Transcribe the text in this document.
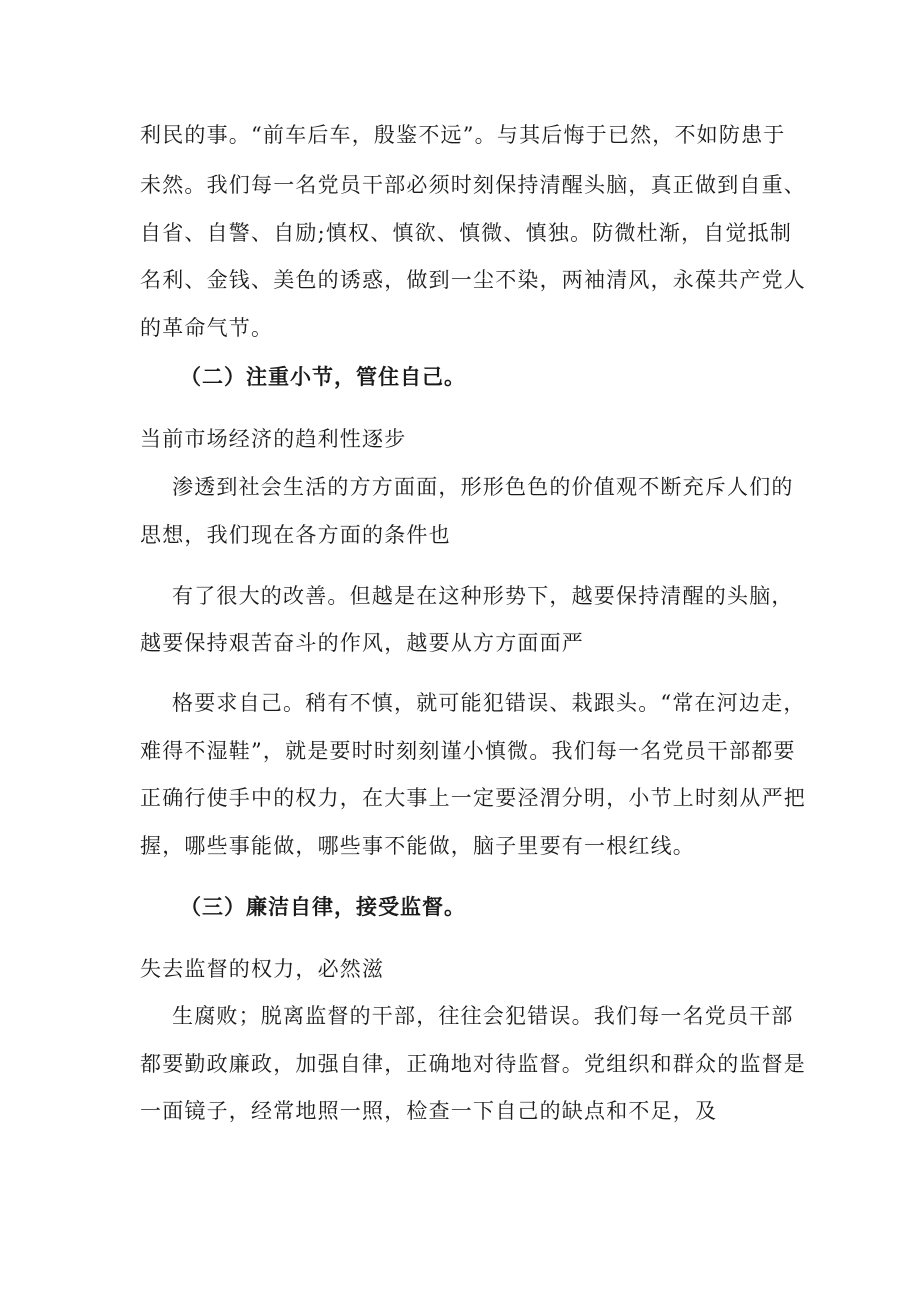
利民的事。“前车后车，殷鉴不远”。与其后悔于已然，不如防患于
未然。我们每一名党员干部必须时刻保持清醒头脑，真正做到自重、
自省、自警、自励;慎权、慎欲、慎微、慎独。防微杜渐，自觉抵制
名利、金钱、美色的诱惑，做到一尘不染，两袖清风，永葆共产党人
的革命气节。
（二）注重小节，管住自己。
当前市场经济的趋利性逐步
渗透到社会生活的方方面面，形形色色的价值观不断充斥人们的
思想，我们现在各方面的条件也
有了很大的改善。但越是在这种形势下，越要保持清醒的头脑，
越要保持艰苦奋斗的作风，越要从方方面面严
格要求自己。稍有不慎，就可能犯错误、栽跟头。“常在河边走，
难得不湿鞋”，就是要时时刻刻谨小慎微。我们每一名党员干部都要
正确行使手中的权力，在大事上一定要泾渭分明，小节上时刻从严把
握，哪些事能做，哪些事不能做，脑子里要有一根红线。
（三）廉洁自律，接受监督。
失去监督的权力，必然滋
生腐败；脱离监督的干部，往往会犯错误。我们每一名党员干部
都要勤政廉政，加强自律，正确地对待监督。党组织和群众的监督是
一面镜子，经常地照一照，检查一下自己的缺点和不足，及
